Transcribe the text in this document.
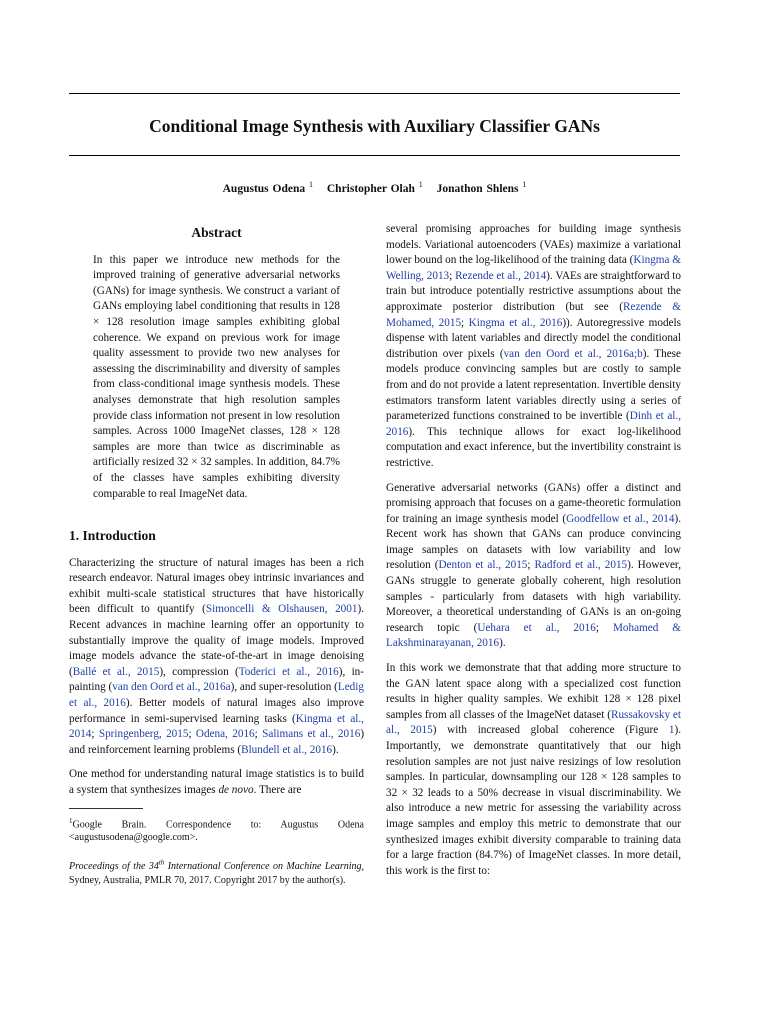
Conditional Image Synthesis with Auxiliary Classifier GANs
Augustus Odena $^1$ Christopher Olah $^1$ Jonathon Shlens $^1$
Abstract
In this paper we introduce new methods for the improved training of generative adversarial networks (GANs) for image synthesis. We construct a variant of GANs employing label conditioning that results in 128 × 128 resolution image samples exhibiting global coherence. We expand on previous work for image quality assessment to provide two new analyses for assessing the discriminability and diversity of samples from class-conditional image synthesis models. These analyses demonstrate that high resolution samples provide class information not present in low resolution samples. Across 1000 ImageNet classes, 128 × 128 samples are more than twice as discriminable as artificially resized 32 × 32 samples. In addition, 84.7% of the classes have samples exhibiting diversity comparable to real ImageNet data.
1. Introduction

Characterizing the structure of natural images has been a rich research endeavor. Natural images obey intrinsic invariances and exhibit multi-scale statistical structures that have historically been difficult to quantify (Simoncelli & Olshausen, 2001). Recent advances in machine learning offer an opportunity to substantially improve the quality of image models. Improved image models advance the state-of-the-art in image denoising (Ballé et al., 2015), compression (Toderici et al., 2016), in-painting (van den Oord et al., 2016a), and super-resolution (Ledig et al., 2016). Better models of natural images also improve performance in semi-supervised learning tasks (Kingma et al., 2014; Springenberg, 2015; Odena, 2016; Salimans et al., 2016) and reinforcement learning problems (Blundell et al., 2016).

One method for understanding natural image statistics is to build a system that synthesizes images de novo. There are

$^1$Google Brain. Correspondence to: Augustus Odena <augustusodena@google.com>.
Proceedings of the 34th International Conference on Machine Learning, Sydney, Australia, PMLR 70, 2017. Copyright 2017 by the author(s).

several promising approaches for building image synthesis models. Variational autoencoders (VAEs) maximize a variational lower bound on the log-likelihood of the training data (Kingma & Welling, 2013; Rezende et al., 2014). VAEs are straightforward to train but introduce potentially restrictive assumptions about the approximate posterior distribution (but see (Rezende & Mohamed, 2015; Kingma et al., 2016)). Autoregressive models dispense with latent variables and directly model the conditional distribution over pixels (van den Oord et al., 2016a;b). These models produce convincing samples but are costly to sample from and do not provide a latent representation. Invertible density estimators transform latent variables directly using a series of parameterized functions constrained to be invertible (Dinh et al., 2016). This technique allows for exact log-likelihood computation and exact inference, but the invertibility constraint is restrictive.

Generative adversarial networks (GANs) offer a distinct and promising approach that focuses on a game-theoretic formulation for training an image synthesis model (Goodfellow et al., 2014). Recent work has shown that GANs can produce convincing image samples on datasets with low variability and low resolution (Denton et al., 2015; Radford et al., 2015). However, GANs struggle to generate globally coherent, high resolution samples - particularly from datasets with high variability. Moreover, a theoretical understanding of GANs is an on-going research topic (Uehara et al., 2016; Mohamed & Lakshminarayanan, 2016).

In this work we demonstrate that that adding more structure to the GAN latent space along with a specialized cost function results in higher quality samples. We exhibit 128 × 128 pixel samples from all classes of the ImageNet dataset (Russakovsky et al., 2015) with increased global coherence (Figure 1). Importantly, we demonstrate quantitatively that our high resolution samples are not just naive resizings of low resolution samples. In particular, downsampling our 128 × 128 samples to 32 × 32 leads to a 50% decrease in visual discriminability. We also introduce a new metric for assessing the variability across image samples and employ this metric to demonstrate that our synthesized images exhibit diversity comparable to training data for a large fraction (84.7%) of ImageNet classes. In more detail, this work is the first to:
